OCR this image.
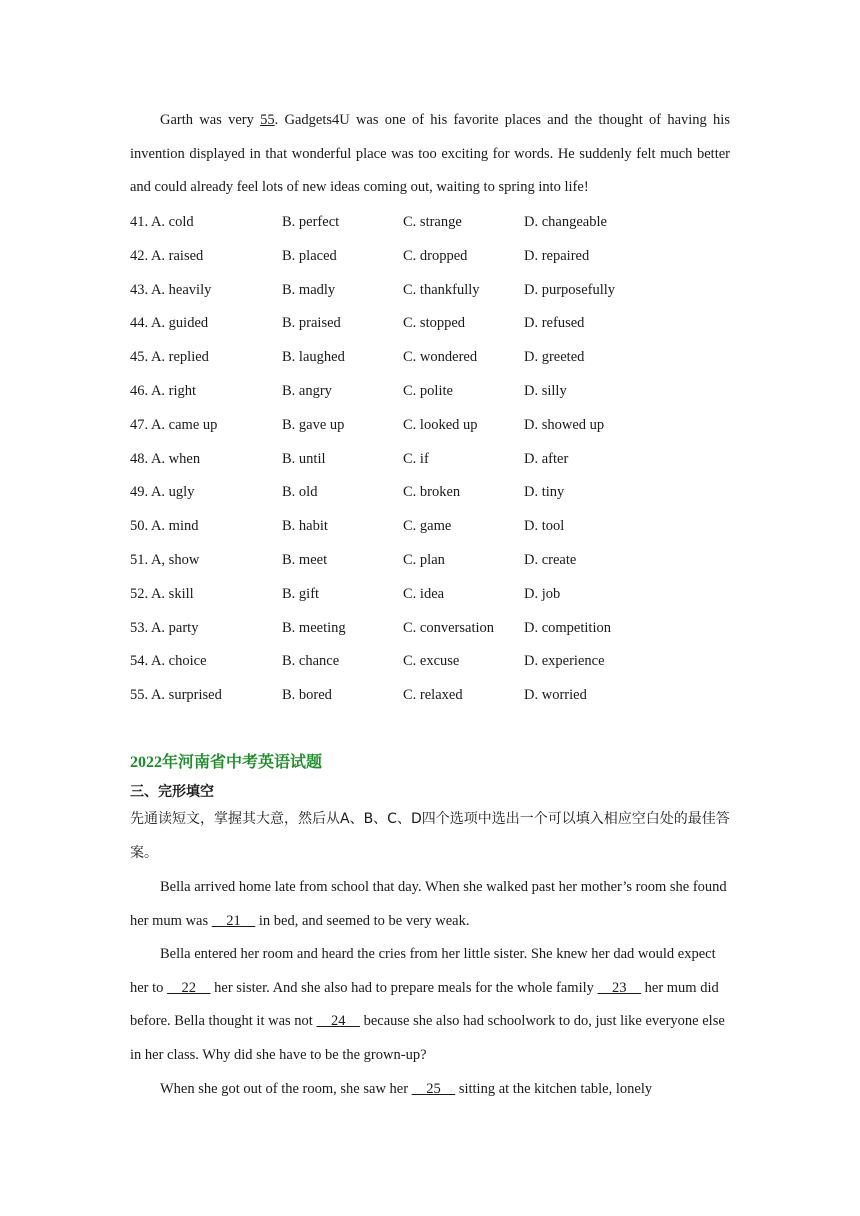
Garth was very 55. Gadgets4U was one of his favorite places and the thought of having his invention displayed in that wonderful place was too exciting for words. He suddenly felt much better and could already feel lots of new ideas coming out, waiting to spring into life!

41. A. cold	B. perfect	C. strange	D. changeable
42. A. raised	B. placed	C. dropped	D. repaired
43. A. heavily	B. madly	C. thankfully	D. purposefully
44. A. guided	B. praised	C. stopped	D. refused
45. A. replied	B. laughed	C. wondered	D. greeted
46. A. right	B. angry	C. polite	D. silly
47. A. came up	B. gave up	C. looked up	D. showed up
48. A. when	B. until	C. if	D. after
49. A. ugly	B. old	C. broken	D. tiny
50. A. mind	B. habit	C. game	D. tool
51. A, show	B. meet	C. plan	D. create
52. A. skill	B. gift	C. idea	D. job
53. A. party	B. meeting	C. conversation D. competition
54. A. choice	B. chance	C. excuse	D. experience
55. A. surprised	B. bored	C. relaxed	D. worried
2022年河南省中考英语试题
三、完形填空

先通读短文，掌握其大意，然后从A、B、C、D四个选项中选出一个可以填入相应空白处的最佳答案。

Bella arrived home late from school that day. When she walked past her mother’s room she found her mum was     21     in bed, and seemed to be very weak.

Bella entered her room and heard the cries from her little sister. She knew her dad would expect her to     22     her sister. And she also had to prepare meals for the whole family     23     her mum did before. Bella thought it was not     24     because she also had schoolwork to do, just like everyone else in her class. Why did she have to be the grown-up?

When she got out of the room, she saw her     25     sitting at the kitchen table, lonely
